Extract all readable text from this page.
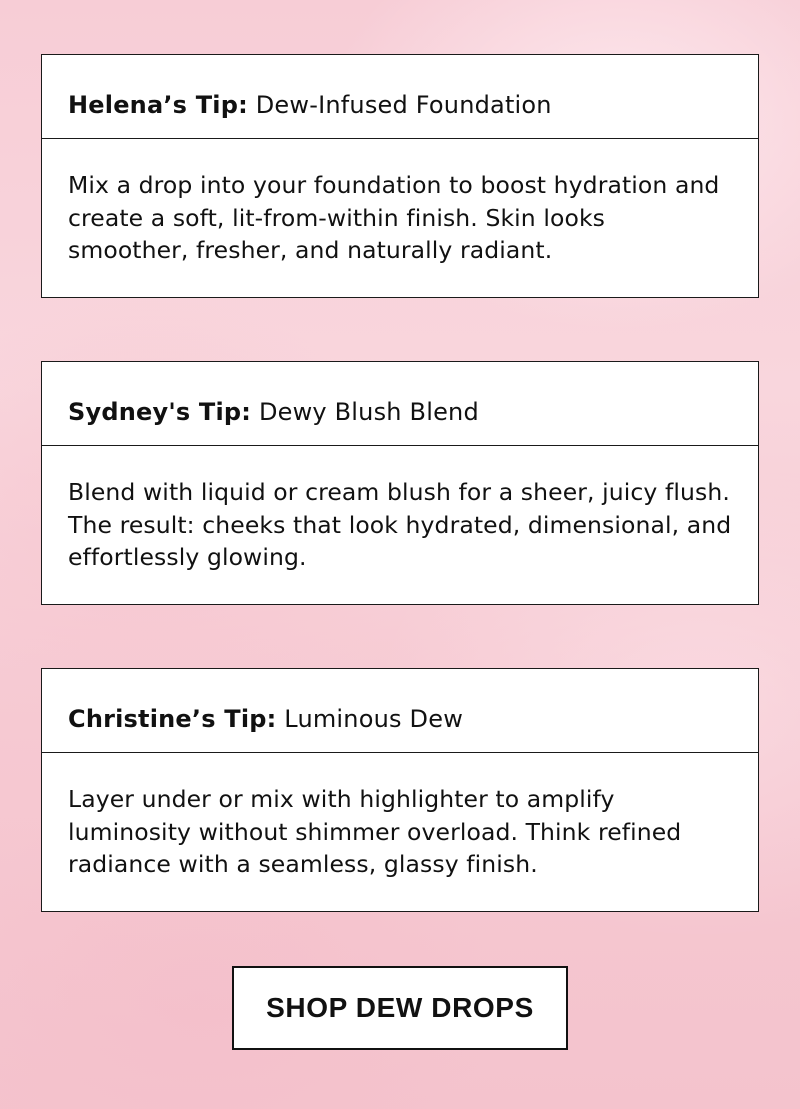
Helena’s Tip:
Dew-Infused Foundation
Mix a drop into your foundation to boost hydration and create a soft, lit-from-within finish. Skin looks smoother, fresher, and naturally radiant.
Sydney's Tip:
Dewy Blush Blend
Blend with liquid or cream blush for a sheer, juicy flush. The result: cheeks that look hydrated, dimensional, and effortlessly glowing.
Christine’s Tip:
Luminous Dew
Layer under or mix with highlighter to amplify luminosity without shimmer overload. Think refined radiance with a seamless, glassy finish.
SHOP DEW DROPS
